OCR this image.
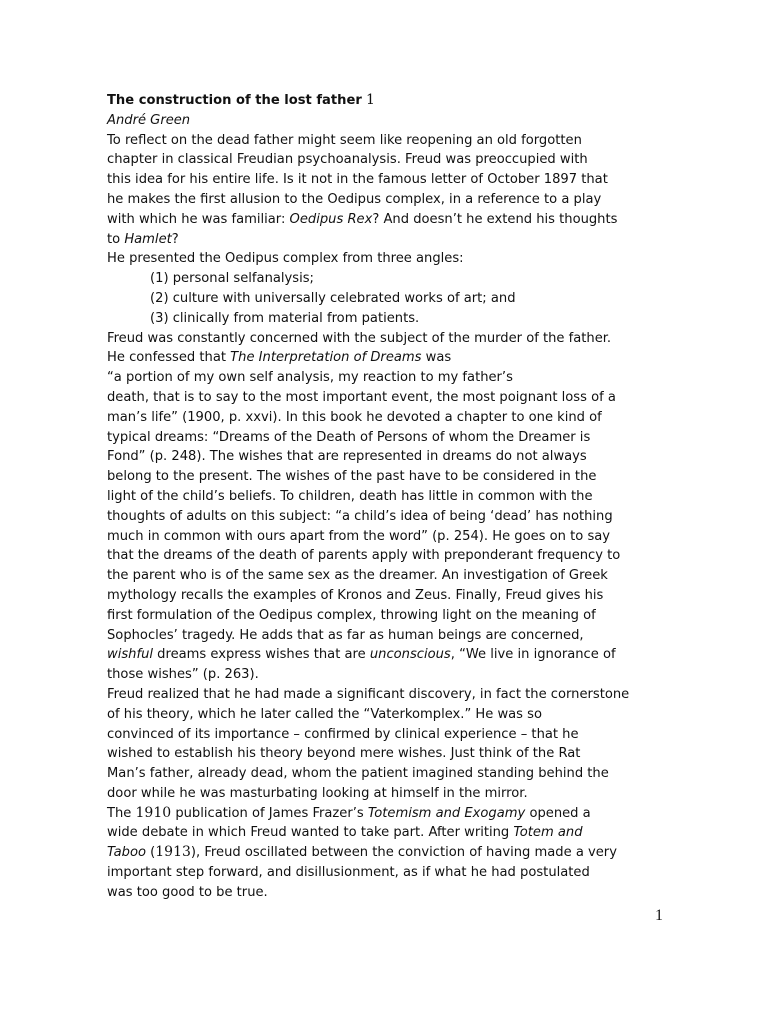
The construction of the lost father 1
André Green
To reflect on the dead father might seem like reopening an old forgotten
chapter in classical Freudian psychoanalysis. Freud was preoccupied with
this idea for his entire life. Is it not in the famous letter of October 1897 that
he makes the first allusion to the Oedipus complex, in a reference to a play
with which he was familiar: Oedipus Rex? And doesn’t he extend his thoughts
to Hamlet?
He presented the Oedipus complex from three angles:
(1) personal selfanalysis;
(2) culture with universally celebrated works of art; and
(3) clinically from material from patients.
Freud was constantly concerned with the subject of the murder of the father.
He confessed that The Interpretation of Dreams was
“a portion of my own self analysis, my reaction to my father’s
death, that is to say to the most important event, the most poignant loss of a
man’s life” (1900, p. xxvi). In this book he devoted a chapter to one kind of
typical dreams: “Dreams of the Death of Persons of whom the Dreamer is
Fond” (p. 248). The wishes that are represented in dreams do not always
belong to the present. The wishes of the past have to be considered in the
light of the child’s beliefs. To children, death has little in common with the
thoughts of adults on this subject: “a child’s idea of being ‘dead’ has nothing
much in common with ours apart from the word” (p. 254). He goes on to say
that the dreams of the death of parents apply with preponderant frequency to
the parent who is of the same sex as the dreamer. An investigation of Greek
mythology recalls the examples of Kronos and Zeus. Finally, Freud gives his
first formulation of the Oedipus complex, throwing light on the meaning of
Sophocles’ tragedy. He adds that as far as human beings are concerned,
wishful dreams express wishes that are unconscious, “We live in ignorance of
those wishes” (p. 263).
Freud realized that he had made a significant discovery, in fact the cornerstone
of his theory, which he later called the “Vaterkomplex.” He was so
convinced of its importance – confirmed by clinical experience – that he
wished to establish his theory beyond mere wishes. Just think of the Rat
Man’s father, already dead, whom the patient imagined standing behind the
door while he was masturbating looking at himself in the mirror.
The 1910 publication of James Frazer’s Totemism and Exogamy opened a
wide debate in which Freud wanted to take part. After writing Totem and
Taboo (1913), Freud oscillated between the conviction of having made a very
important step forward, and disillusionment, as if what he had postulated
was too good to be true.
1
